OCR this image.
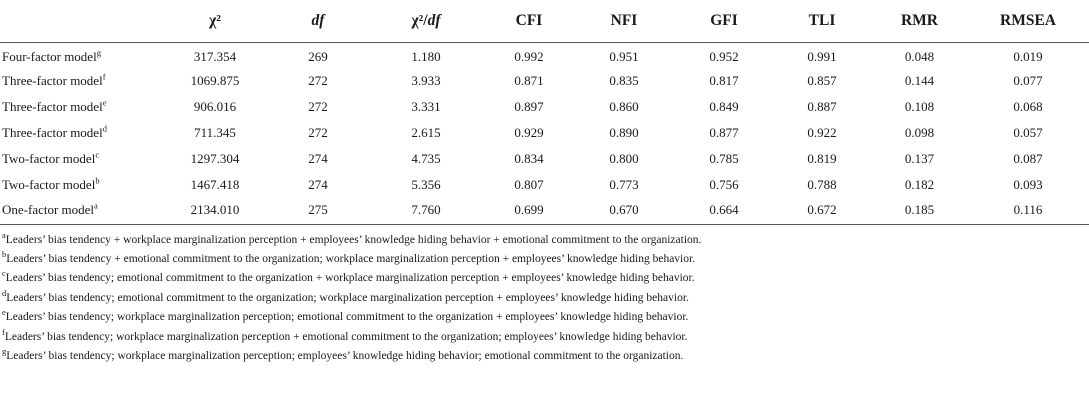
	χ²	df	χ²/df	CFI	NFI	GFI	TLI	RMR	RMSEA
Four-factor model$^g$	317.354	269	1.180	0.992	0.951	0.952	0.991	0.048	0.019
Three-factor model$^f$	1069.875	272	3.933	0.871	0.835	0.817	0.857	0.144	0.077
Three-factor model$^e$	906.016	272	3.331	0.897	0.860	0.849	0.887	0.108	0.068
Three-factor model$^d$	711.345	272	2.615	0.929	0.890	0.877	0.922	0.098	0.057
Two-factor model$^c$	1297.304	274	4.735	0.834	0.800	0.785	0.819	0.137	0.087
Two-factor model$^b$	1467.418	274	5.356	0.807	0.773	0.756	0.788	0.182	0.093
One-factor model$^a$	2134.010	275	7.760	0.699	0.670	0.664	0.672	0.185	0.116
$^a$Leaders’ bias tendency + workplace marginalization perception + employees’ knowledge hiding behavior + emotional commitment to the organization.
$^b$Leaders’ bias tendency + emotional commitment to the organization; workplace marginalization perception + employees’ knowledge hiding behavior.
$^c$Leaders’ bias tendency; emotional commitment to the organization + workplace marginalization perception + employees’ knowledge hiding behavior.
$^d$Leaders’ bias tendency; emotional commitment to the organization; workplace marginalization perception + employees’ knowledge hiding behavior.
$^e$Leaders’ bias tendency; workplace marginalization perception; emotional commitment to the organization + employees’ knowledge hiding behavior.
$^f$Leaders’ bias tendency; workplace marginalization perception + emotional commitment to the organization; employees’ knowledge hiding behavior.
$^g$Leaders’ bias tendency; workplace marginalization perception; employees’ knowledge hiding behavior; emotional commitment to the organization.
